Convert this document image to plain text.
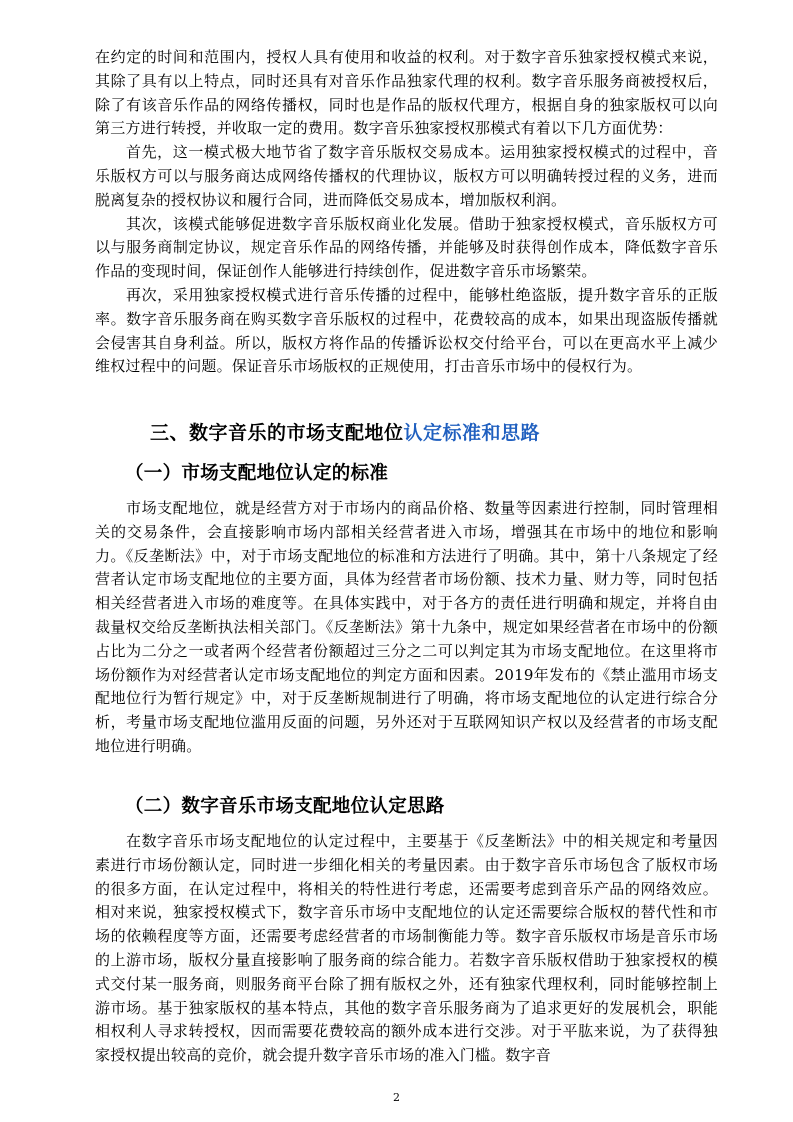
在约定的时间和范围内，授权人具有使用和收益的权利。对于数字音乐独家授权模式来说，其除了具有以上特点，同时还具有对音乐作品独家代理的权利。数字音乐服务商被授权后，除了有该音乐作品的网络传播权，同时也是作品的版权代理方，根据自身的独家版权可以向第三方进行转授，并收取一定的费用。数字音乐独家授权那模式有着以下几方面优势：

首先，这一模式极大地节省了数字音乐版权交易成本。运用独家授权模式的过程中，音乐版权方可以与服务商达成网络传播权的代理协议，版权方可以明确转授过程的义务，进而脱离复杂的授权协议和履行合同，进而降低交易成本，增加版权利润。

其次，该模式能够促进数字音乐版权商业化发展。借助于独家授权模式，音乐版权方可以与服务商制定协议，规定音乐作品的网络传播，并能够及时获得创作成本，降低数字音乐作品的变现时间，保证创作人能够进行持续创作，促进数字音乐市场繁荣。

再次，采用独家授权模式进行音乐传播的过程中，能够杜绝盗版，提升数字音乐的正版率。数字音乐服务商在购买数字音乐版权的过程中，花费较高的成本，如果出现盗版传播就会侵害其自身利益。所以，版权方将作品的传播诉讼权交付给平台，可以在更高水平上减少维权过程中的问题。保证音乐市场版权的正规使用，打击音乐市场中的侵权行为。

三、数字音乐的市场支配地位认定标准和思路
（一）市场支配地位认定的标准

市场支配地位，就是经营方对于市场内的商品价格、数量等因素进行控制，同时管理相关的交易条件，会直接影响市场内部相关经营者进入市场，增强其在市场中的地位和影响力。《反垄断法》中，对于市场支配地位的标准和方法进行了明确。其中，第十八条规定了经营者认定市场支配地位的主要方面，具体为经营者市场份额、技术力量、财力等，同时包括相关经营者进入市场的难度等。在具体实践中，对于各方的责任进行明确和规定，并将自由裁量权交给反垄断执法相关部门。《反垄断法》第十九条中，规定如果经营者在市场中的份额占比为二分之一或者两个经营者份额超过三分之二可以判定其为市场支配地位。在这里将市场份额作为对经营者认定市场支配地位的判定方面和因素。2019年发布的《禁止滥用市场支配地位行为暂行规定》中，对于反垄断规制进行了明确，将市场支配地位的认定进行综合分析，考量市场支配地位滥用反面的问题，另外还对于互联网知识产权以及经营者的市场支配地位进行明确。

（二）数字音乐市场支配地位认定思路

在数字音乐市场支配地位的认定过程中，主要基于《反垄断法》中的相关规定和考量因素进行市场份额认定，同时进一步细化相关的考量因素。由于数字音乐市场包含了版权市场的很多方面，在认定过程中，将相关的特性进行考虑，还需要考虑到音乐产品的网络效应。相对来说，独家授权模式下，数字音乐市场中支配地位的认定还需要综合版权的替代性和市场的依赖程度等方面，还需要考虑经营者的市场制衡能力等。数字音乐版权市场是音乐市场的上游市场，版权分量直接影响了服务商的综合能力。若数字音乐版权借助于独家授权的模式交付某一服务商，则服务商平台除了拥有版权之外，还有独家代理权利，同时能够控制上游市场。基于独家版权的基本特点，其他的数字音乐服务商为了追求更好的发展机会，职能相权利人寻求转授权，因而需要花费较高的额外成本进行交涉。对于平肱来说，为了获得独家授权提出较高的竞价，就会提升数字音乐市场的准入门槛。数字音

2
